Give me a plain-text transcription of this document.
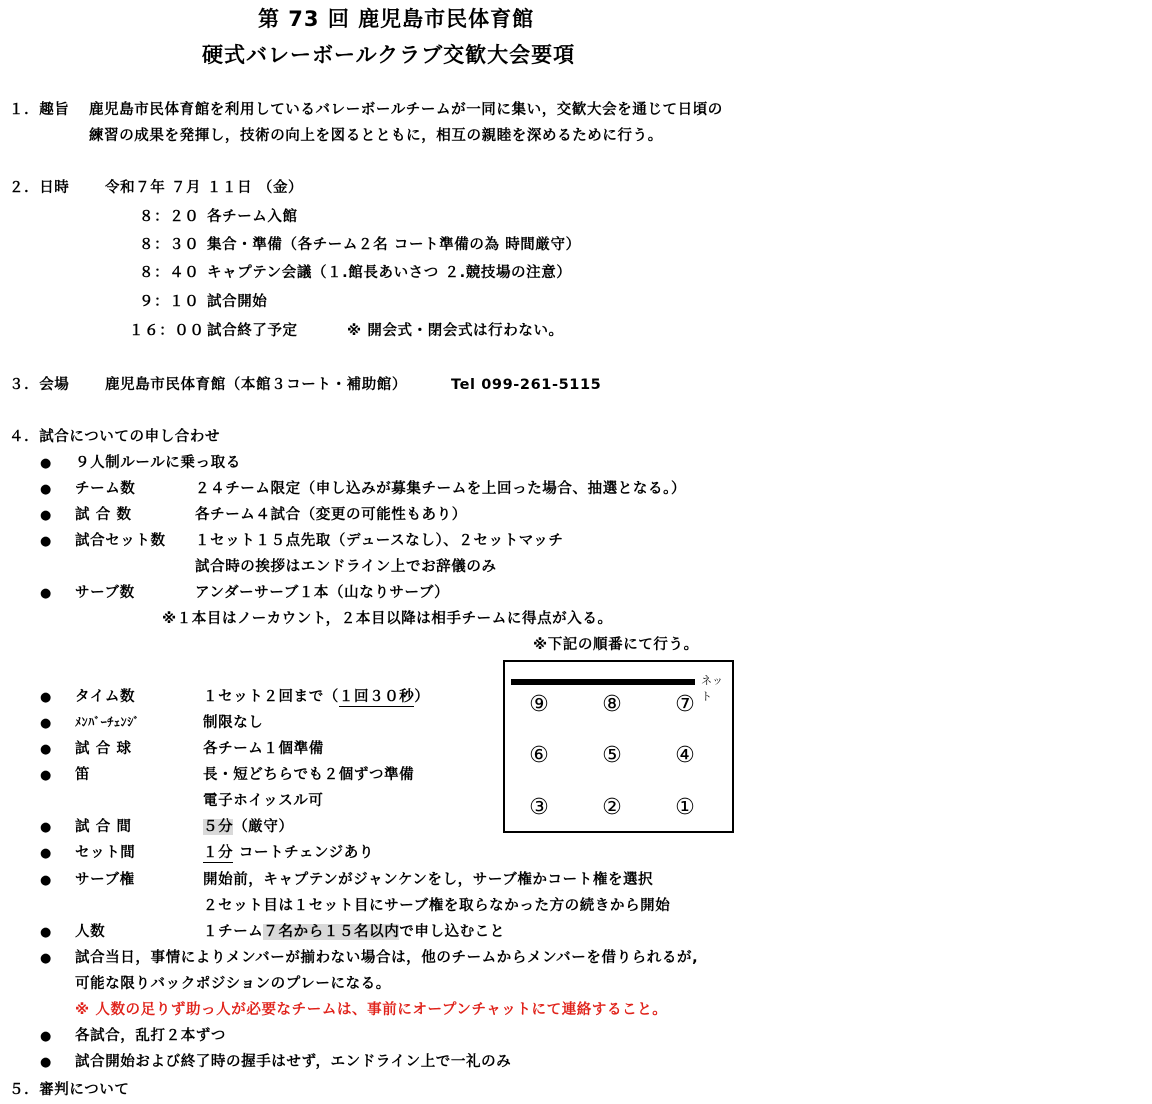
第 73 回 鹿児島市民体育館
硬式バレーボールクラブ交歓大会要項
１．趣旨 鹿児島市民体育館を利用しているバレーボールチームが一同に集い，交歓大会を通じて日頃の
練習の成果を発揮し，技術の向上を図るとともに，相互の親睦を深めるために行う。
２．日時 令和７年 ７月 １１日 （金）
８：２０ 各チーム入館
８：３０ 集合・準備（各チーム２名 コート準備の為 時間厳守）
８：４０ キャプテン会議（１.館長あいさつ ２.競技場の注意）
９：１０ 試合開始
１６：００ 試合終了予定	※ 開会式・閉会式は行わない。
３．会場 鹿児島市民体育館（本館３コート・補助館）	Tel 099-261-5115
４．試合についての申し合わせ
● ９人制ルールに乗っ取る
● チーム数	２４チーム限定（申し込みが募集チームを上回った場合、抽選となる。）
● 試 合 数	各チーム４試合（変更の可能性もあり）
● 試合セット数 １セット１５点先取（デュースなし）、２セットマッチ
試合時の挨拶はエンドライン上でお辞儀のみ
● サーブ数	アンダーサーブ１本（山なりサーブ）
※１本目はノーカウント，２本目以降は相手チームに得点が入る。
※下記の順番にて行う。
ネット
⑨ ⑧ ⑦
⑥ ⑤ ④
③ ② ①
● タイム数	１セット２回まで（１回３０秒）
● ﾒﾝﾊﾞｰﾁｪﾝｼﾞ	制限なし
● 試 合 球	各チーム１個準備
● 笛	長・短どちらでも２個ずつ準備
電子ホイッスル可
● 試 合 間	５分（厳守）
● セット間	１分 コートチェンジあり
● サーブ権	開始前，キャプテンがジャンケンをし，サーブ権かコート権を選択
２セット目は１セット目にサーブ権を取らなかった方の続きから開始
● 人数	１チーム７名から１５名以内で申し込むこと
● 試合当日，事情によりメンバーが揃わない場合は，他のチームからメンバーを借りられるが,
可能な限りバックポジションのプレーになる。
※ 人数の足りず助っ人が必要なチームは、事前にオープンチャットにて連絡すること。
● 各試合，乱打２本ずつ
● 試合開始および終了時の握手はせず，エンドライン上で一礼のみ
５．審判について
